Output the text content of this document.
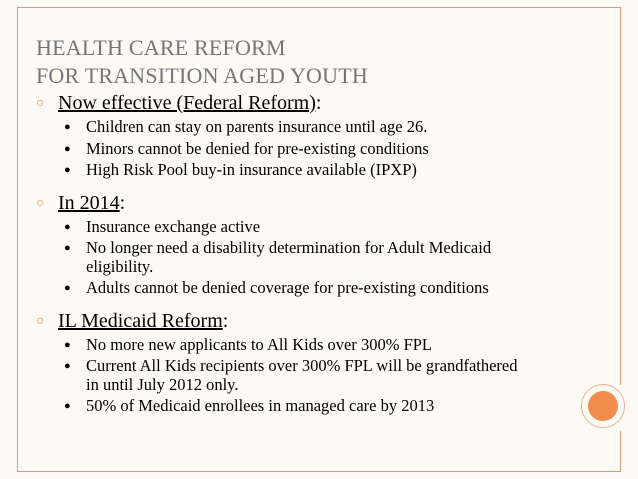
HEALTH CARE REFORM
FOR TRANSITION AGED YOUTH
○ Now effective (Federal Reform):
● Children can stay on parents insurance until age 26.
● Minors cannot be denied for pre-existing conditions
● High Risk Pool buy-in insurance available (IPXP)
○ In 2014:
● Insurance exchange active
● No longer need a disability determination for Adult Medicaid eligibility.
● Adults cannot be denied coverage for pre-existing conditions
○ IL Medicaid Reform:
● No more new applicants to All Kids over 300% FPL
● Current All Kids recipients over 300% FPL will be grandfathered in until July 2012 only.
● 50% of Medicaid enrollees in managed care by 2013
